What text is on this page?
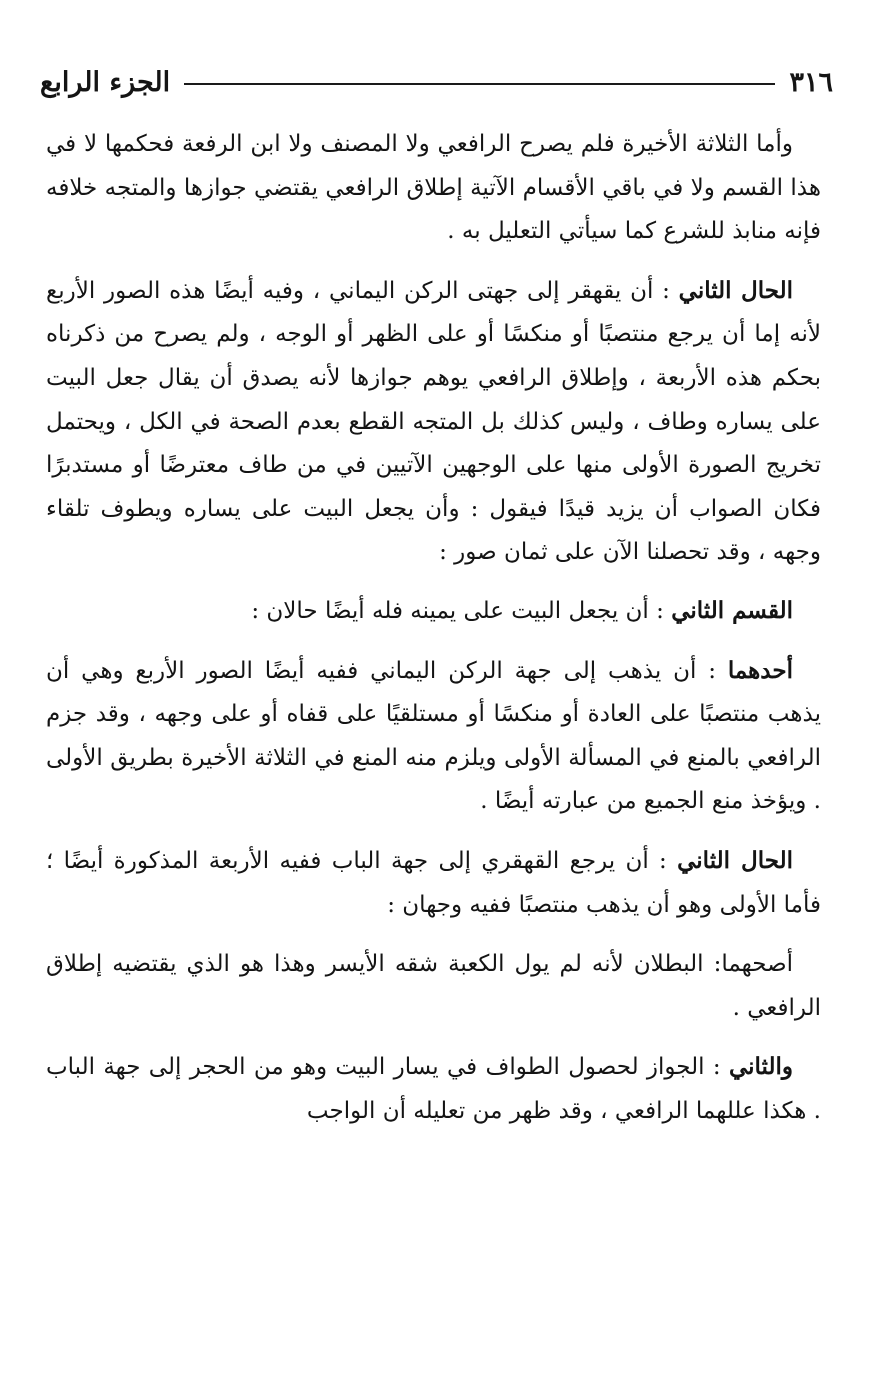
٣١٦
الجزء الرابع

وأما الثلاثة الأخيرة فلم يصرح الرافعي ولا المصنف ولا ابن الرفعة فحكمها لا في هذا القسم ولا في باقي الأقسام الآتية إطلاق الرافعي يقتضي جوازها والمتجه خلافه فإنه منابذ للشرع كما سيأتي التعليل به .

الحال الثاني : أن يقهقر إلى جهتى الركن اليماني ، وفيه أيضًا هذه الصور الأربع لأنه إما أن يرجع منتصبًا أو منكسًا أو على الظهر أو الوجه ، ولم يصرح من ذكرناه بحكم هذه الأربعة ، وإطلاق الرافعي يوهم جوازها لأنه يصدق أن يقال جعل البيت على يساره وطاف ، وليس كذلك بل المتجه القطع بعدم الصحة في الكل ، ويحتمل تخريج الصورة الأولى منها على الوجهين الآتيين في من طاف معترضًا أو مستدبرًا فكان الصواب أن يزيد قيدًا فيقول : وأن يجعل البيت على يساره ويطوف تلقاء وجهه ، وقد تحصلنا الآن على ثمان صور :

القسم الثاني : أن يجعل البيت على يمينه فله أيضًا حالان :

أحدهما : أن يذهب إلى جهة الركن اليماني ففيه أيضًا الصور الأربع وهي أن يذهب منتصبًا على العادة أو منكسًا أو مستلقيًا على قفاه أو على وجهه ، وقد جزم الرافعي بالمنع في المسألة الأولى ويلزم منه المنع في الثلاثة الأخيرة بطريق الأولى . ويؤخذ منع الجميع من عبارته أيضًا .

الحال الثاني : أن يرجع القهقري إلى جهة الباب ففيه الأربعة المذكورة أيضًا ؛ فأما الأولى وهو أن يذهب منتصبًا ففيه وجهان :

أصحهما: البطلان لأنه لم يول الكعبة شقه الأيسر وهذا هو الذي يقتضيه إطلاق الرافعي .

والثاني : الجواز لحصول الطواف في يسار البيت وهو من الحجر إلى جهة الباب . هكذا عللهما الرافعي ، وقد ظهر من تعليله أن الواجب
